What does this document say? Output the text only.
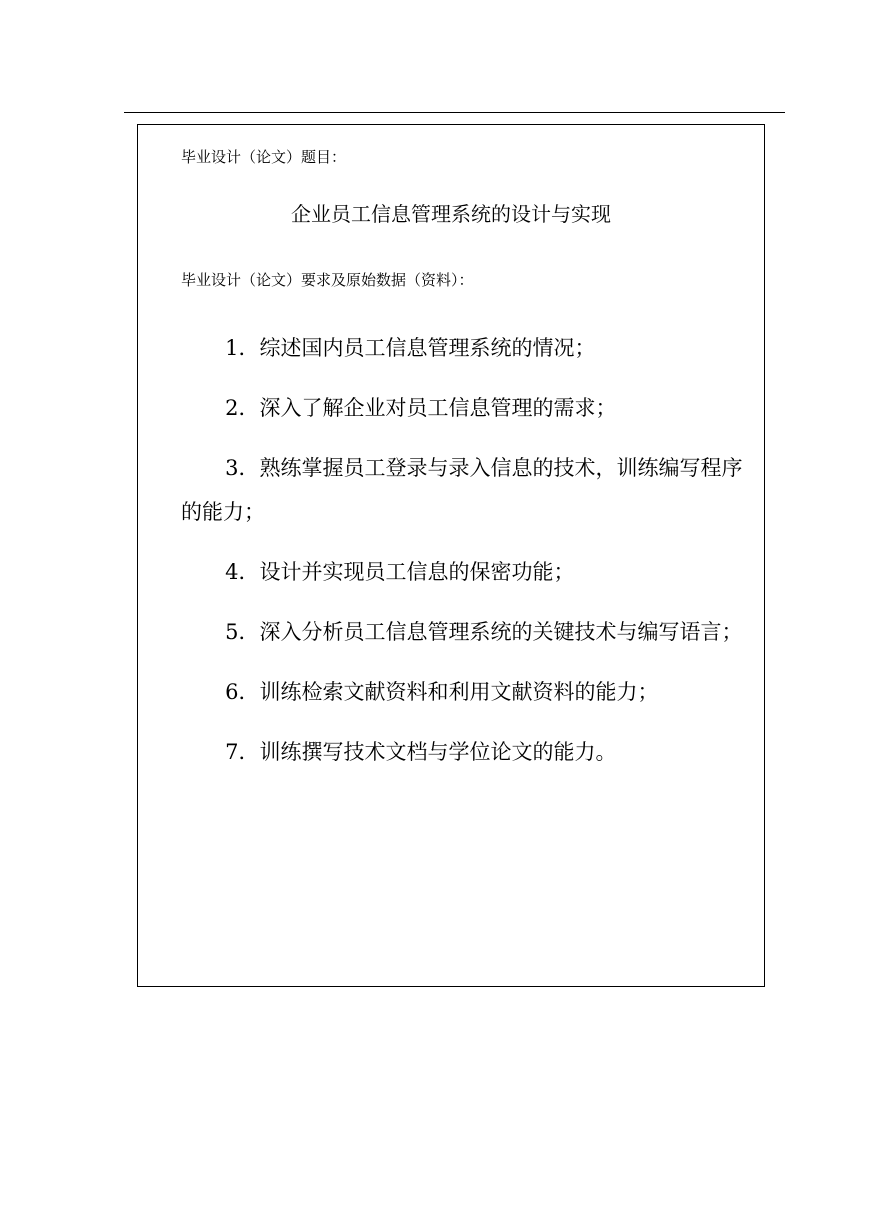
毕业设计（论文）题目：
企业员工信息管理系统的设计与实现
毕业设计（论文）要求及原始数据（资料）：
1．综述国内员工信息管理系统的情况；
2．深入了解企业对员工信息管理的需求；
3．熟练掌握员工登录与录入信息的技术，训练编写程序的能力；
4．设计并实现员工信息的保密功能；
5．深入分析员工信息管理系统的关键技术与编写语言；
6．训练检索文献资料和利用文献资料的能力；
7．训练撰写技术文档与学位论文的能力。
